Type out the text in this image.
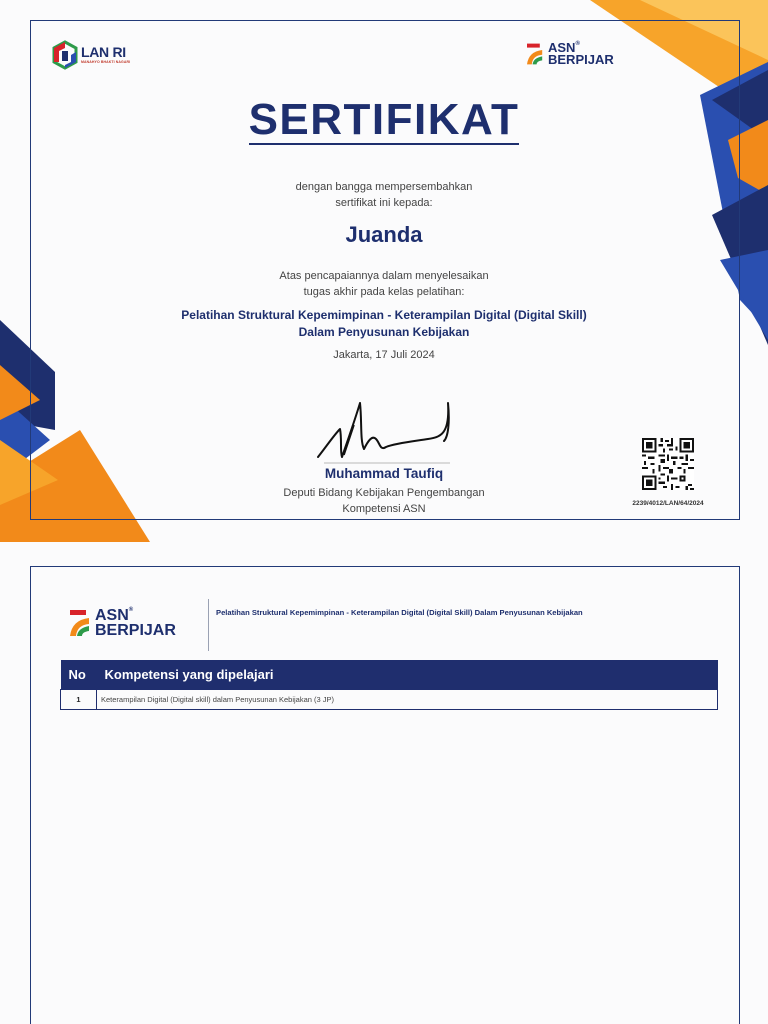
LAN RI
MANAHYO BHAKTI NAGARI
ASN®
BERPIJAR
SERTIFIKAT
dengan bangga mempersembahkan
sertifikat ini kepada:
Juanda
Atas pencapaiannya dalam menyelesaikan
tugas akhir pada kelas pelatihan:
Pelatihan Struktural Kepemimpinan - Keterampilan Digital (Digital Skill)
Dalam Penyusunan Kebijakan
Jakarta, 17 Juli 2024
Muhammad Taufiq
Deputi Bidang Kebijakan Pengembangan
Kompetensi ASN	2239/4012/LAN/64/2024
ASN®
BERPIJAR
Pelatihan Struktural Kepemimpinan - Keterampilan Digital (Digital Skill) Dalam Penyusunan Kebijakan
No	Kompetensi yang dipelajari
1	Keterampilan Digital (Digital skill) dalam Penyusunan Kebijakan (3 JP)
